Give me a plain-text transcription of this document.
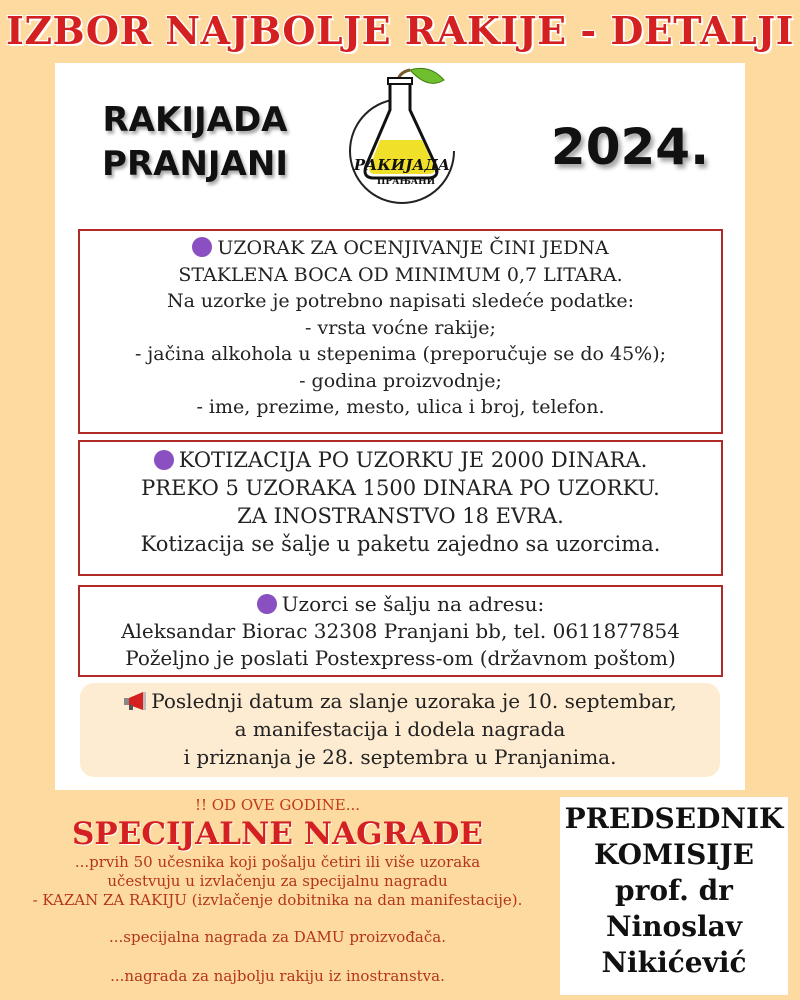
IZBOR NAJBOLJE RAKIJE - DETALJI
RAKIJADA
PRANJANI	РАКИЈАДА
ПРАЊАНИ
2024.
UZORAK ZA OCENJIVANJE ČINI JEDNA
STAKLENA BOCA OD MINIMUM 0,7 LITARA.
Na uzorke je potrebno napisati sledeće podatke:
- vrsta voćne rakije;
- jačina alkohola u stepenima (preporučuje se do 45%);
- godina proizvodnje;
- ime, prezime, mesto, ulica i broj, telefon.
KOTIZACIJA PO UZORKU JE 2000 DINARA.
PREKO 5 UZORAKA 1500 DINARA PO UZORKU.
ZA INOSTRANSTVO 18 EVRA.
Kotizacija se šalje u paketu zajedno sa uzorcima.
Uzorci se šalju na adresu:
Aleksandar Biorac 32308 Pranjani bb, tel. 0611877854
Poželjno je poslati Postexpress-om (državnom poštom)
Poslednji datum za slanje uzoraka je 10. septembar,
a manifestacija i dodela nagrada
i priznanja je 28. septembra u Pranjanima.
!! OD OVE GODINE...
SPECIJALNE NAGRADE
...prvih 50 učesnika koji pošalju četiri ili više uzoraka
učestvuju u izvlačenju za specijalnu nagradu
- KAZAN ZA RAKIJU (izvlačenje dobitnika na dan manifestacije).
...specijalna nagrada za DAMU proizvođača.
...nagrada za najbolju rakiju iz inostranstva.
PREDSEDNIK
KOMISIJE
prof. dr
Ninoslav
Nikićević
